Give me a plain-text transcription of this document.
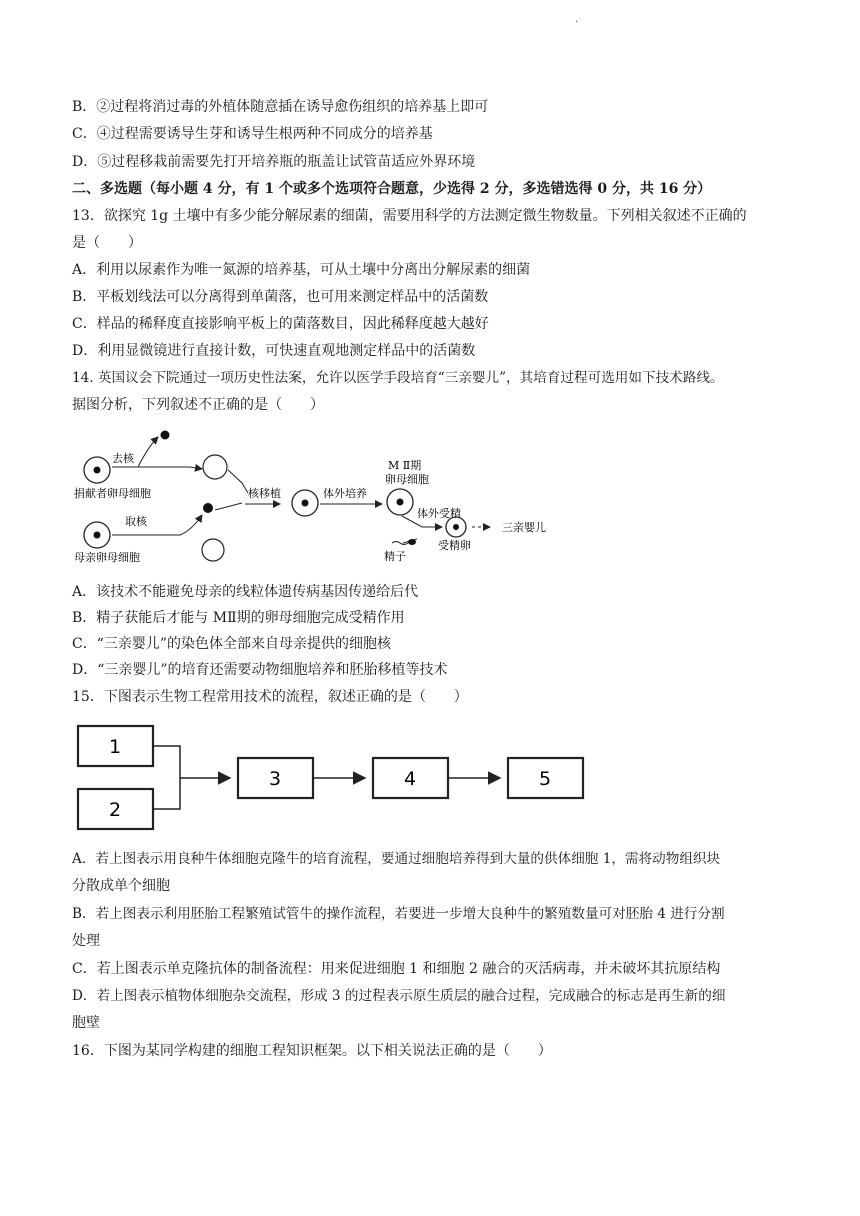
.
B．②过程将消过毒的外植体随意插在诱导愈伤组织的培养基上即可
C．④过程需要诱导生芽和诱导生根两种不同成分的培养基
D．⑤过程移栽前需要先打开培养瓶的瓶盖让试管苗适应外界环境
二、多选题（每小题 4 分，有 1 个或多个选项符合题意，少选得 2 分，多选错选得 0 分，共 16 分）
13．欲探究 1g 土壤中有多少能分解尿素的细菌，需要用科学的方法测定微生物数量。下列相关叙述不正确的
是（　　）
A．利用以尿素作为唯一氮源的培养基，可从土壤中分离出分解尿素的细菌
B．平板划线法可以分离得到单菌落，也可用来测定样品中的活菌数
C．样品的稀释度直接影响平板上的菌落数目，因此稀释度越大越好
D．利用显微镜进行直接计数，可快速直观地测定样品中的活菌数
14. 英国议会下院通过一项历史性法案，允许以医学手段培育“三亲婴儿”，其培育过程可选用如下技术路线。
据图分析，下列叙述不正确的是（　　）
捐献者卵母细胞
去核
母亲卵母细胞
取核
核移植	体外培养
M Ⅱ期
卵母细胞
体外受精
精子
受精卵
三亲婴儿
A．该技术不能避免母亲的线粒体遗传病基因传递给后代
B．精子获能后才能与 MⅡ期的卵母细胞完成受精作用
C．“三亲婴儿”的染色体全部来自母亲提供的细胞核
D．“三亲婴儿”的培育还需要动物细胞培养和胚胎移植等技术
15．下图表示生物工程常用技术的流程，叙述正确的是（　　）
1
2
3	4	5
A．若上图表示用良种牛体细胞克隆牛的培育流程，要通过细胞培养得到大量的供体细胞 1，需将动物组织块
分散成单个细胞
B．若上图表示利用胚胎工程繁殖试管牛的操作流程，若要进一步增大良种牛的繁殖数量可对胚胎 4 进行分割
处理
C．若上图表示单克隆抗体的制备流程：用来促进细胞 1 和细胞 2 融合的灭活病毒，并未破坏其抗原结构
D．若上图表示植物体细胞杂交流程，形成 3 的过程表示原生质层的融合过程，完成融合的标志是再生新的细
胞壁
16．下图为某同学构建的细胞工程知识框架。以下相关说法正确的是（　　）
